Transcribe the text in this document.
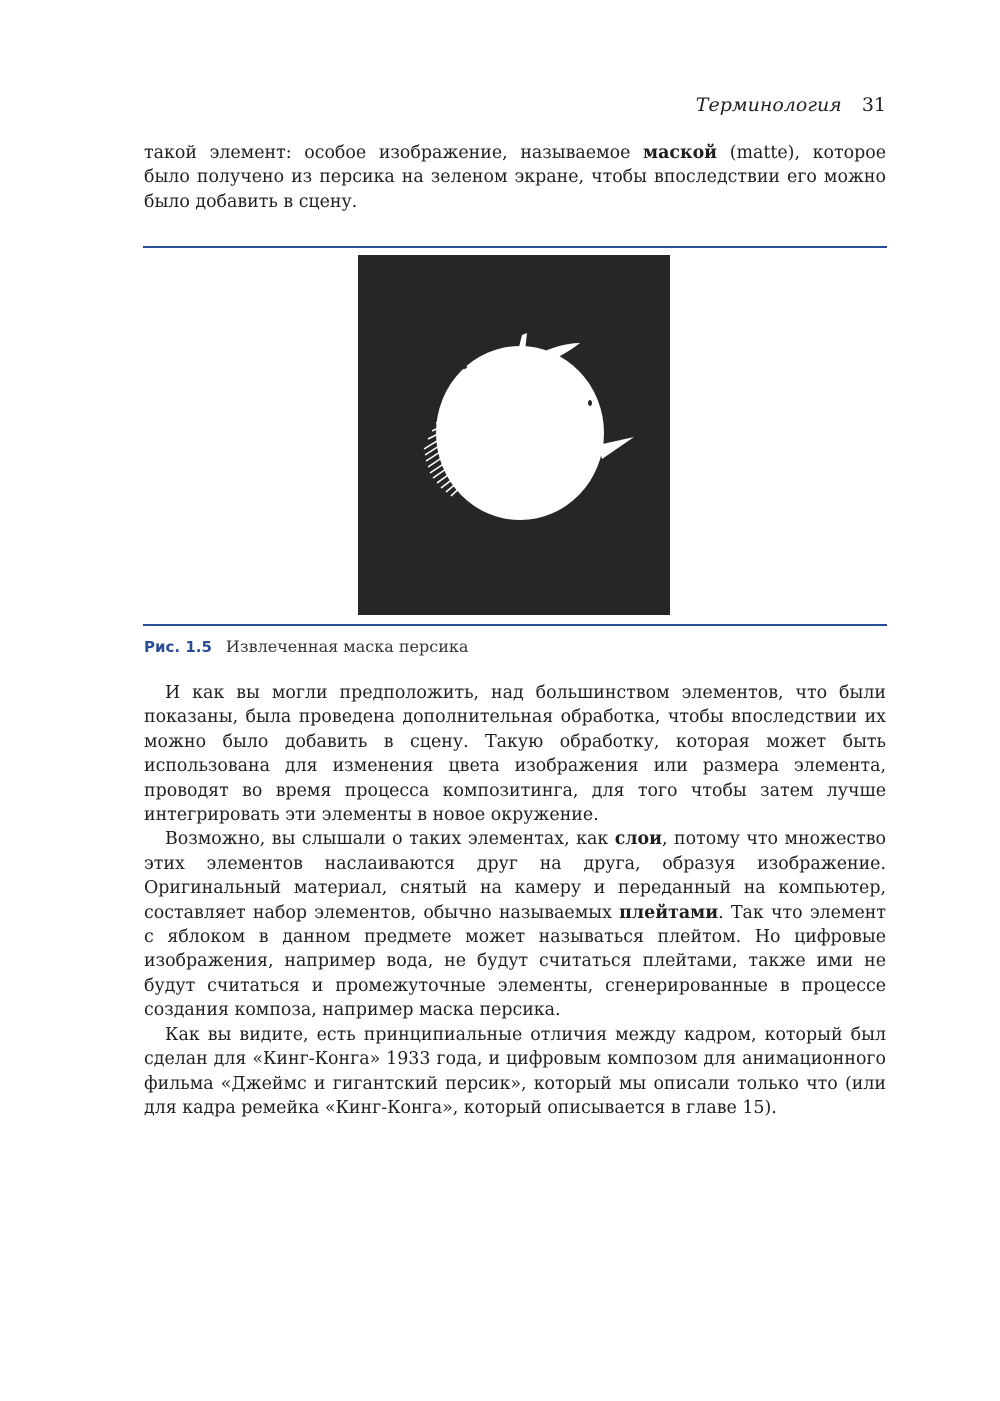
Терминология 31

такой элемент: особое изображение, называемое маской (matte), которое было получено из персика на зеленом экране, чтобы впоследствии его можно было добавить в сцену.

Рис. 1.5 Извлеченная маска персика

И как вы могли предположить, над большинством элементов, что были показаны, была проведена дополнительная обработка, чтобы впоследствии их можно было добавить в сцену. Такую обработку, которая может быть использована для изменения цвета изображения или размера элемента, проводят во время процесса композитинга, для того чтобы затем лучше интегрировать эти элементы в новое окружение.

Возможно, вы слышали о таких элементах, как слои, потому что множество этих элементов наслаиваются друг на друга, образуя изображение. Оригинальный материал, снятый на камеру и переданный на компьютер, составляет набор элементов, обычно называемых плейтами. Так что элемент с яблоком в данном предмете может называться плейтом. Но цифровые изображения, например вода, не будут считаться плейтами, также ими не будут считаться и промежуточные элементы, сгенерированные в процессе создания композа, например маска персика.

Как вы видите, есть принципиальные отличия между кадром, который был сделан для «Кинг-Конга» 1933 года, и цифровым композом для анимационного фильма «Джеймс и гигантский персик», который мы описали только что (или для кадра ремейка «Кинг-Конга», который описывается в главе 15).
